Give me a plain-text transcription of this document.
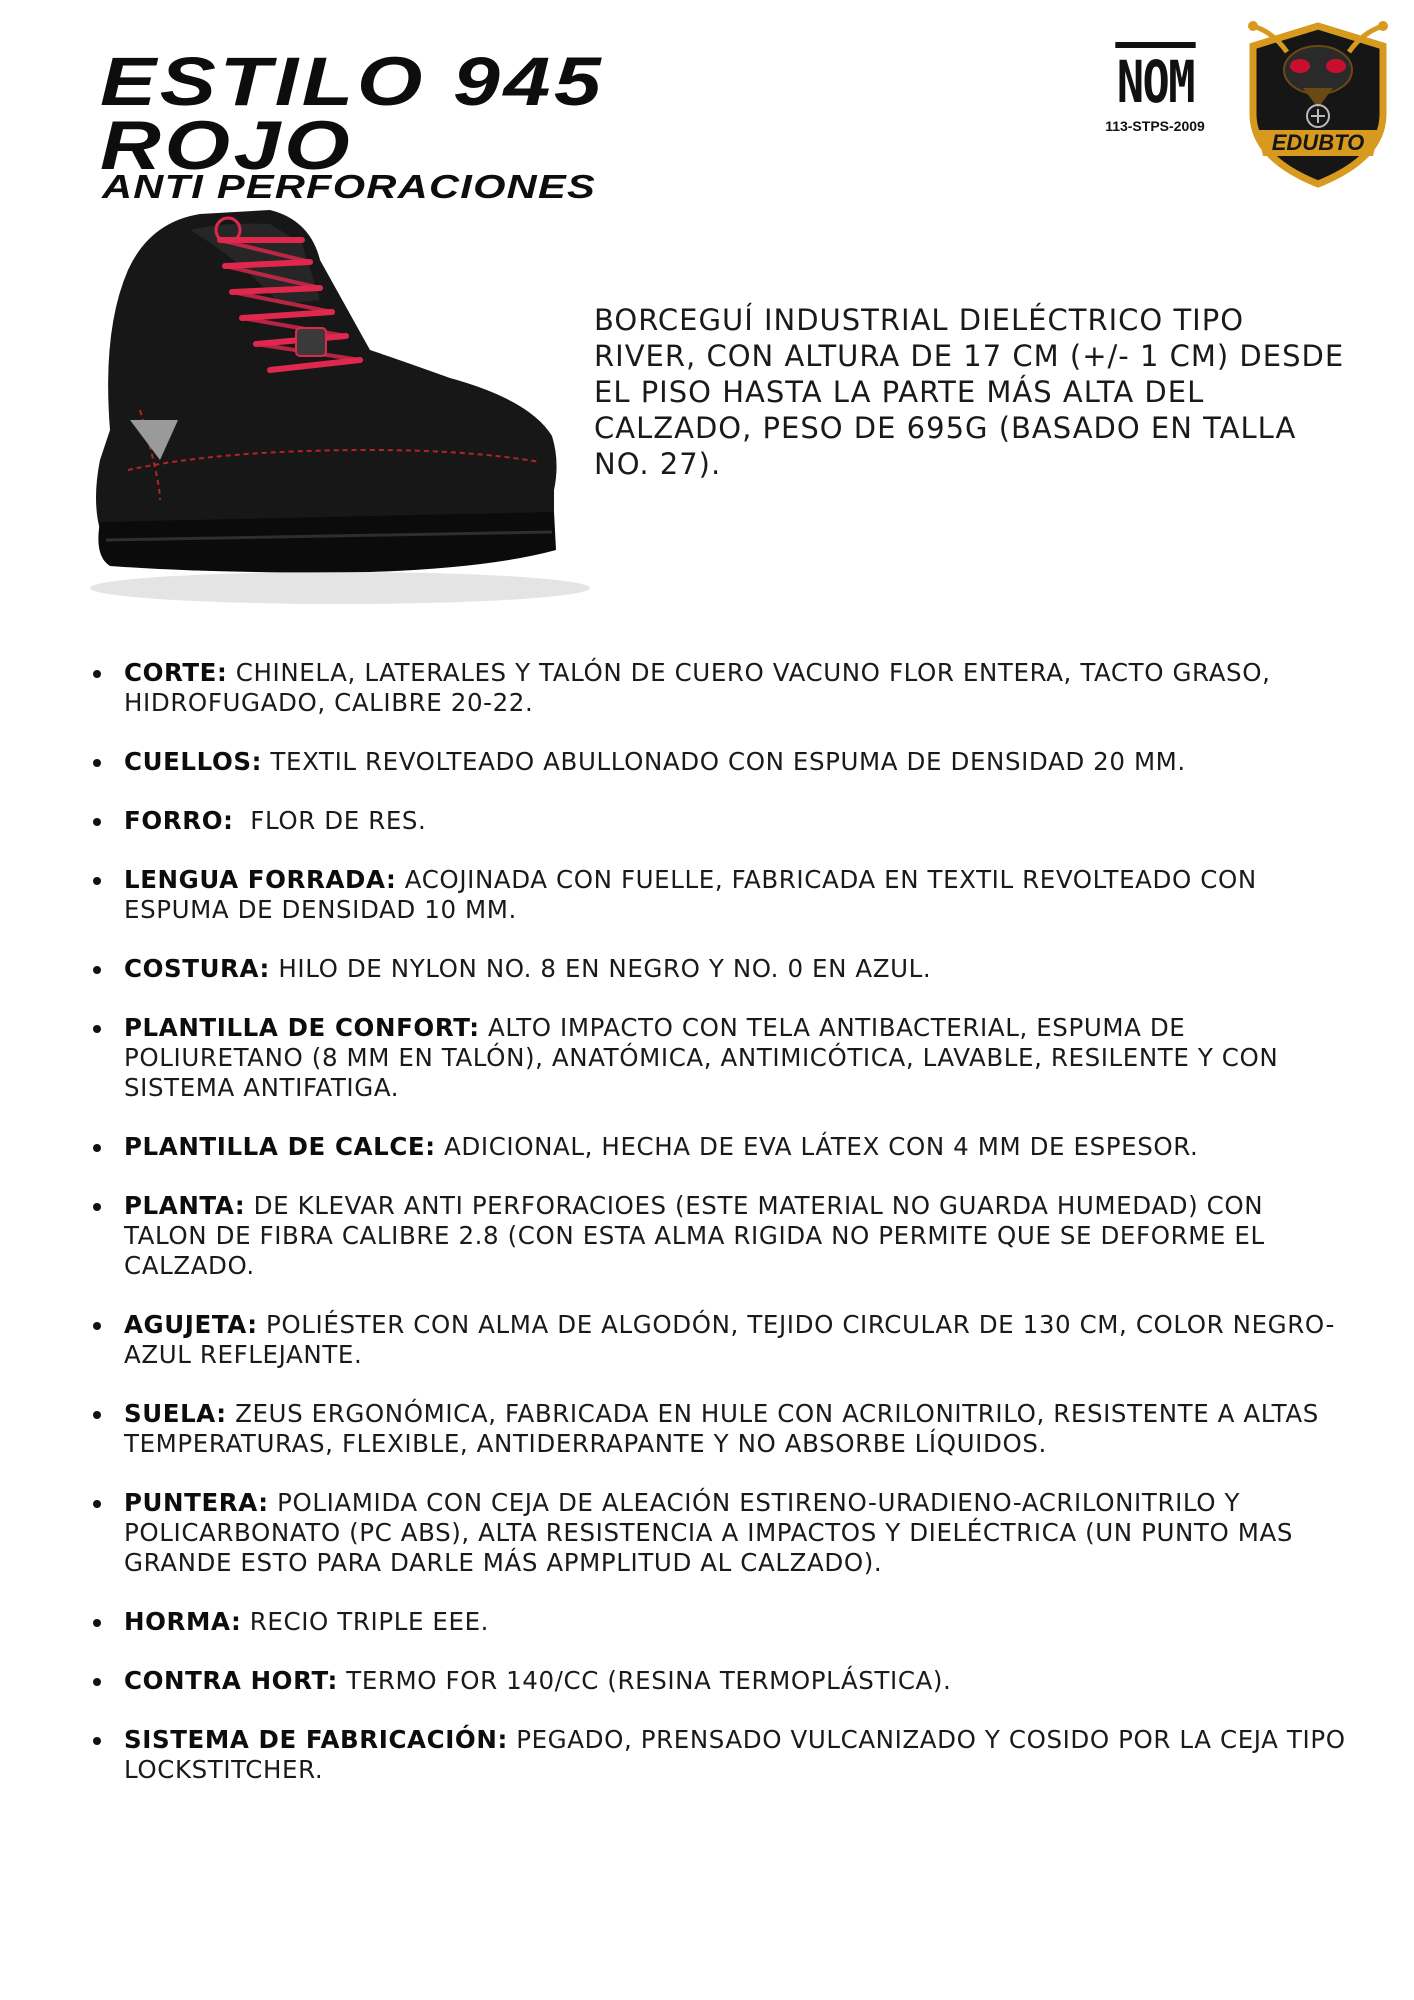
ESTILO 945
ROJO
ANTI PERFORACIONES
NOM
113-STPS-2009
EDUBTO

BORCEGUÍ INDUSTRIAL DIELÉCTRICO TIPO RIVER, CON ALTURA DE 17 CM (+/- 1 CM) DESDE EL PISO HASTA LA PARTE MÁS ALTA DEL CALZADO, PESO DE 695G (BASADO EN TALLA NO. 27).

CORTE: CHINELA, LATERALES Y TALÓN DE CUERO VACUNO FLOR ENTERA, TACTO GRASO, HIDROFUGADO, CALIBRE 20-22.
CUELLOS: TEXTIL REVOLTEADO ABULLONADO CON ESPUMA DE DENSIDAD 20 MM.
FORRO:  FLOR DE RES.
LENGUA FORRADA: ACOJINADA CON FUELLE, FABRICADA EN TEXTIL REVOLTEADO CON ESPUMA DE DENSIDAD 10 MM.
COSTURA: HILO DE NYLON NO. 8 EN NEGRO Y NO. 0 EN AZUL.
PLANTILLA DE CONFORT: ALTO IMPACTO CON TELA ANTIBACTERIAL, ESPUMA DE POLIURETANO (8 MM EN TALÓN), ANATÓMICA, ANTIMICÓTICA, LAVABLE, RESILENTE Y CON SISTEMA ANTIFATIGA.
PLANTILLA DE CALCE: ADICIONAL, HECHA DE EVA LÁTEX CON 4 MM DE ESPESOR.
PLANTA: DE KLEVAR ANTI PERFORACIOES (ESTE MATERIAL NO GUARDA HUMEDAD) CON TALON DE FIBRA CALIBRE 2.8 (CON ESTA ALMA RIGIDA NO PERMITE QUE SE DEFORME EL CALZADO.
AGUJETA: POLIÉSTER CON ALMA DE ALGODÓN, TEJIDO CIRCULAR DE 130 CM, COLOR NEGRO-AZUL REFLEJANTE.
SUELA: ZEUS ERGONÓMICA, FABRICADA EN HULE CON ACRILONITRILO, RESISTENTE A ALTAS TEMPERATURAS, FLEXIBLE, ANTIDERRAPANTE Y NO ABSORBE LÍQUIDOS.
PUNTERA: POLIAMIDA CON CEJA DE ALEACIÓN ESTIRENO-URADIENO-ACRILONITRILO Y POLICARBONATO (PC ABS), ALTA RESISTENCIA A IMPACTOS Y DIELÉCTRICA (UN PUNTO MAS GRANDE ESTO PARA DARLE MÁS APMPLITUD AL CALZADO).
HORMA: RECIO TRIPLE EEE.
CONTRA HORT: TERMO FOR 140/CC (RESINA TERMOPLÁSTICA).
SISTEMA DE FABRICACIÓN: PEGADO, PRENSADO VULCANIZADO Y COSIDO POR LA CEJA TIPO LOCKSTITCHER.
